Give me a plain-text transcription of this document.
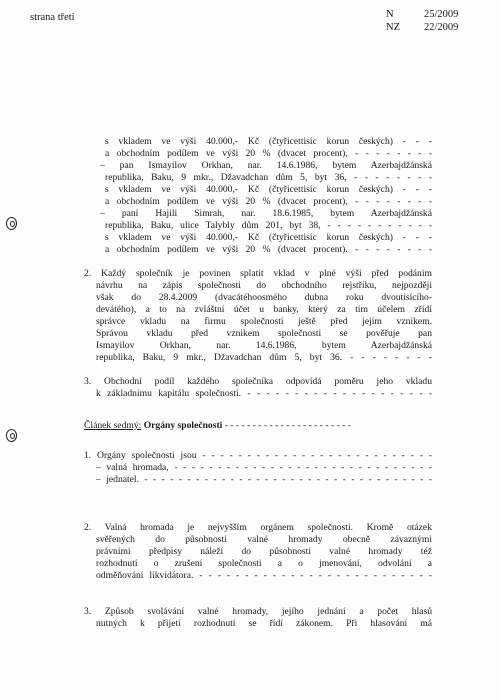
strana třetí	N	25/2009
NZ 22/2009
s vkladem ve výši 40.000,- Kč (čtyřicettisíc korun českých) - - -
a obchodním podílem ve výši 20 % (dvacet procent), - - - - - - - -
– pan Ismayilov Orkhan, nar. 14.6.1986, bytem Azerbajdžánská
republika, Baku, 9 mkr., Džavadchan dům 5, byt 36, - - - - - - - -
s vkladem ve výši 40.000,- Kč (čtyřicettisíc korun českých) - - -
a obchodním podílem ve výši 20 % (dvacet procent), - - - - - - - -
– paní Hajili Simrah, nar. 18.6.1985, bytem Azerbajdžánská
republika, Baku, ulice Talybly dům 201, byt 38, - - - - - - - - - - -
s vkladem ve výši 40.000,- Kč (čtyřicettisíc korun českých) - - -
a obchodním podílem ve výši 20 % (dvacet procent). - - - - - - - -
2. Každý společník je povinen splatit vklad v plné výši před podáním
návrhu na zápis společnosti do obchodního rejstříku, nejpozději
však do 28.4.2009 (dvacátéhoosmého dubna roku dvoutisícího-
devátého), a to na zvláštní účet u banky, který za tím účelem zřídí
správce vkladu na firmu společnosti ještě před jejím vznikem.
Správou vkladu před vznikem společnosti se pověřuje pan
Ismayilov Orkhan, nar. 14.6.1986, bytem Azerbajdžánská
republika, Baku, 9 mkr., Džavadchan dům 5, byt 36. - - - - - - - -
3. Obchodní podíl každého společníka odpovídá poměru jeho vkladu
k základnímu kapitálu společnosti. - - - - - - - - - - - - - - - - - - - -
Článek sedmý: Orgány společnosti - - - - - - - - - - - - - - - - - - - - - - -
1. Orgány společnosti jsou - - - - - - - - - - - - - - - - - - - - - - - - - -
– valná hromada, - - - - - - - - - - - - - - - - - - - - - - - - - - - - - -
– jednatel. - - - - - - - - - - - - - - - - - - - - - - - - - - - - - - - - - -
2. Valná hromada je nejvyšším orgánem společnosti. Kromě otázek
svěřených do působnosti valné hromady obecně závaznými
právními předpisy náleží do působnosti valné hromady též
rozhodnutí o zrušení společnosti a o jmenování, odvolání a
odměňování likvidátora. - - - - - - - - - - - - - - - - - - - - - - - - - -
3. Způsob svolávání valné hromady, jejího jednání a počet hlasů
nutných k přijetí rozhodnutí se řídí zákonem. Při hlasování má
